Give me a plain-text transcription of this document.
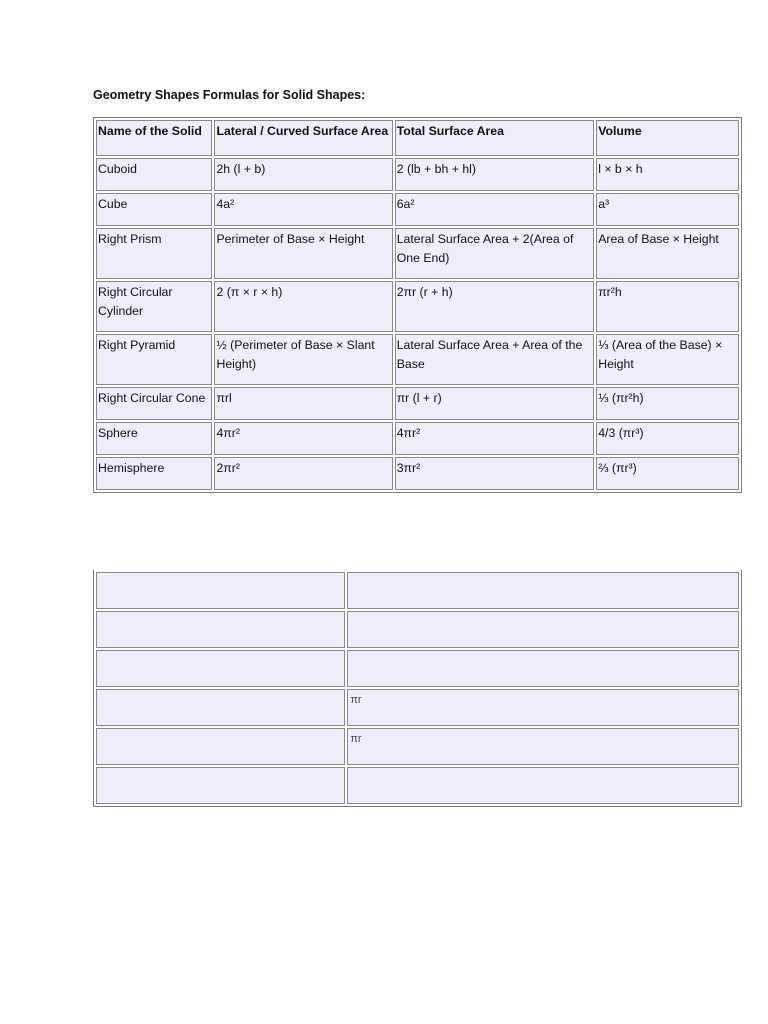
Geometry Shapes Formulas for Solid Shapes:
Name of the Solid	Lateral / Curved Surface Area	Total Surface Area	Volume
Cuboid	2h (l + b)	2 (lb + bh + hl)	l × b × h
Cube	4a²	6a²	a³
Right Prism	Perimeter of Base × Height	Lateral Surface Area + 2(Area of One End)	Area of Base × Height
Right Circular Cylinder	2 (π × r × h)	2πr (r + h)	πr²h
Right Pyramid	½ (Perimeter of Base × Slant Height)	Lateral Surface Area + Area of the Base	⅓ (Area of the Base) × Height
Right Circular Cone	πrl	πr (l + r)	⅓ (πr²h)
Sphere	4πr²	4πr²	4/3 (πr³)
Hemisphere	2πr²	3πr²	⅔ (πr³)

	πr
	πr
